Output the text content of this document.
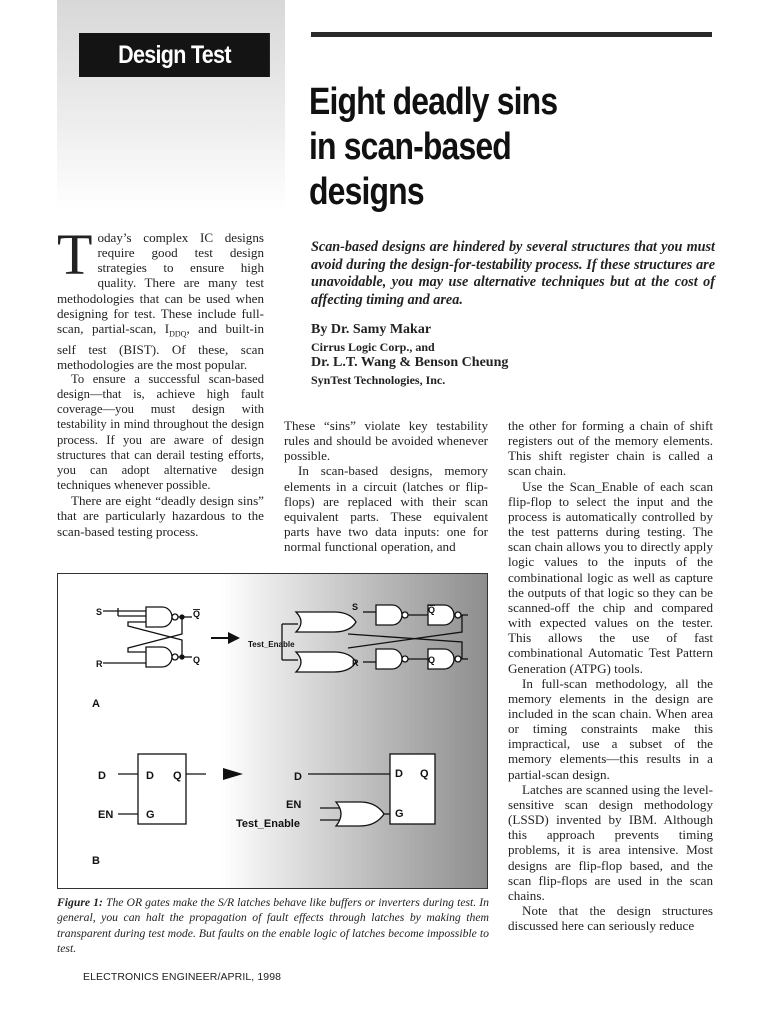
Design Test
Eight deadly sins
in scan-based
designs
Scan-based designs are hindered by several structures that you must avoid during the design-for-testability process. If these structures are unavoidable, you may use alternative techniques but at the cost of affecting timing and area.
By Dr. Samy Makar
Cirrus Logic Corp., and
Dr. L.T. Wang & Benson Cheung
SynTest Technologies, Inc.

Today’s complex IC designs require good test design strategies to ensure high quality. There are many test methodologies that can be used when designing for test. These include full-scan, partial-scan, $I_{DDQ}$, and built-in self test (BIST). Of these, scan methodologies are the most popular.

To ensure a successful scan-based design—that is, achieve high fault coverage—you must design with testability in mind throughout the design process. If you are aware of design structures that can derail testing efforts, you can adopt alternative design techniques whenever possible.

There are eight “deadly design sins” that are particularly hazardous to the scan-based testing process.

These “sins” violate key testability rules and should be avoided whenever possible.

In scan-based designs, memory elements in a circuit (latches or flip-flops) are replaced with their scan equivalent parts. These equivalent parts have two data inputs: one for normal functional operation, and

the other for forming a chain of shift registers out of the memory elements. This shift register chain is called a scan chain.

Use the Scan_Enable of each scan flip-flop to select the input and the process is automatically controlled by the test patterns during testing. The scan chain allows you to directly apply logic values to the inputs of the combinational logic as well as capture the outputs of that logic so they can be scanned-off the chip and compared with expected values on the tester. This allows the use of fast combinational Automatic Test Pattern Generation (ATPG) tools.

In full-scan methodology, all the memory elements in the design are included in the scan chain. When area or timing constraints make this impractical, use a subset of the memory elements—this results in a partial-scan design.

Latches are scanned using the level-sensitive scan design methodology (LSSD) invented by IBM. Although this approach prevents timing problems, it is area intensive. Most designs are flip-flop based, and the scan flip-flops are used in the scan chains.

Note that the design structures discussed here can seriously reduce

S
R
Q
Q
S
R
Q
Q
Test_Enable
A
D
EN
D Q
G
D
EN
Test_Enable
D Q
G
B
Figure 1: The OR gates make the S/R latches behave like buffers or inverters during test. In general, you can halt the propagation of fault effects through latches by making them transparent during test mode. But faults on the enable logic of latches become impossible to test.
ELECTRONICS ENGINEER/APRIL, 1998
